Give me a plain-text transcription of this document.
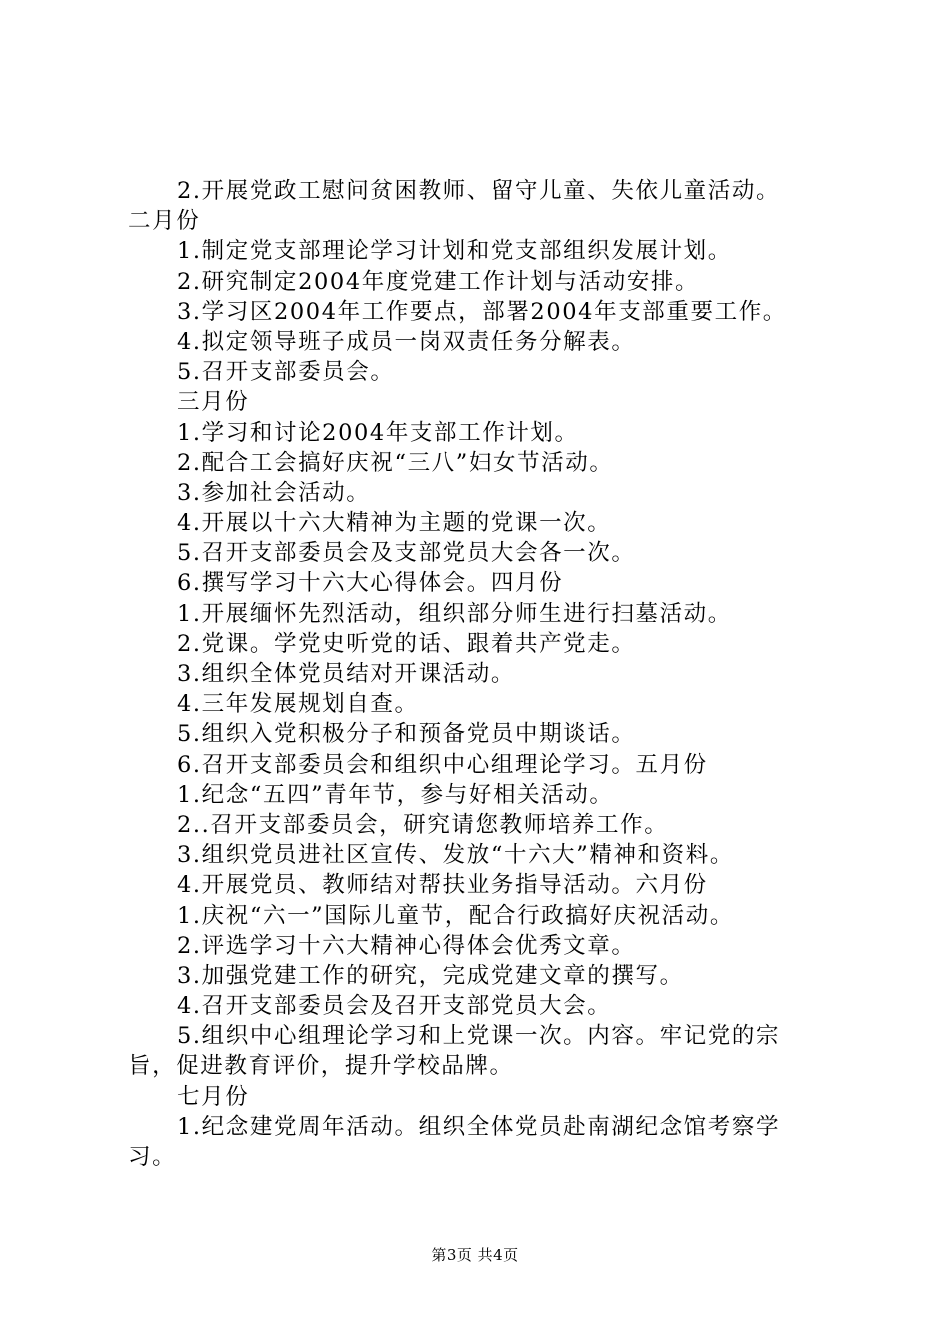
2.开展党政工慰问贫困教师、留守儿童、失依儿童活动。
二月份
1.制定党支部理论学习计划和党支部组织发展计划。
2.研究制定2004年度党建工作计划与活动安排。
3.学习区2004年工作要点，部署2004年支部重要工作。
4.拟定领导班子成员一岗双责任务分解表。
5.召开支部委员会。
三月份
1.学习和讨论2004年支部工作计划。
2.配合工会搞好庆祝“三八”妇女节活动。
3.参加社会活动。
4.开展以十六大精神为主题的党课一次。
5.召开支部委员会及支部党员大会各一次。
6.撰写学习十六大心得体会。四月份
1.开展缅怀先烈活动，组织部分师生进行扫墓活动。
2.党课。学党史听党的话、跟着共产党走。
3.组织全体党员结对开课活动。
4.三年发展规划自查。
5.组织入党积极分子和预备党员中期谈话。
6.召开支部委员会和组织中心组理论学习。五月份
1.纪念“五四”青年节，参与好相关活动。
2..召开支部委员会，研究请您教师培养工作。
3.组织党员进社区宣传、发放“十六大”精神和资料。
4.开展党员、教师结对帮扶业务指导活动。六月份
1.庆祝“六一”国际儿童节，配合行政搞好庆祝活动。
2.评选学习十六大精神心得体会优秀文章。
3.加强党建工作的研究，完成党建文章的撰写。
4.召开支部委员会及召开支部党员大会。
5.组织中心组理论学习和上党课一次。内容。牢记党的宗
旨，促进教育评价，提升学校品牌。
七月份
1.纪念建党周年活动。组织全体党员赴南湖纪念馆考察学
习。
第3页 共4页
